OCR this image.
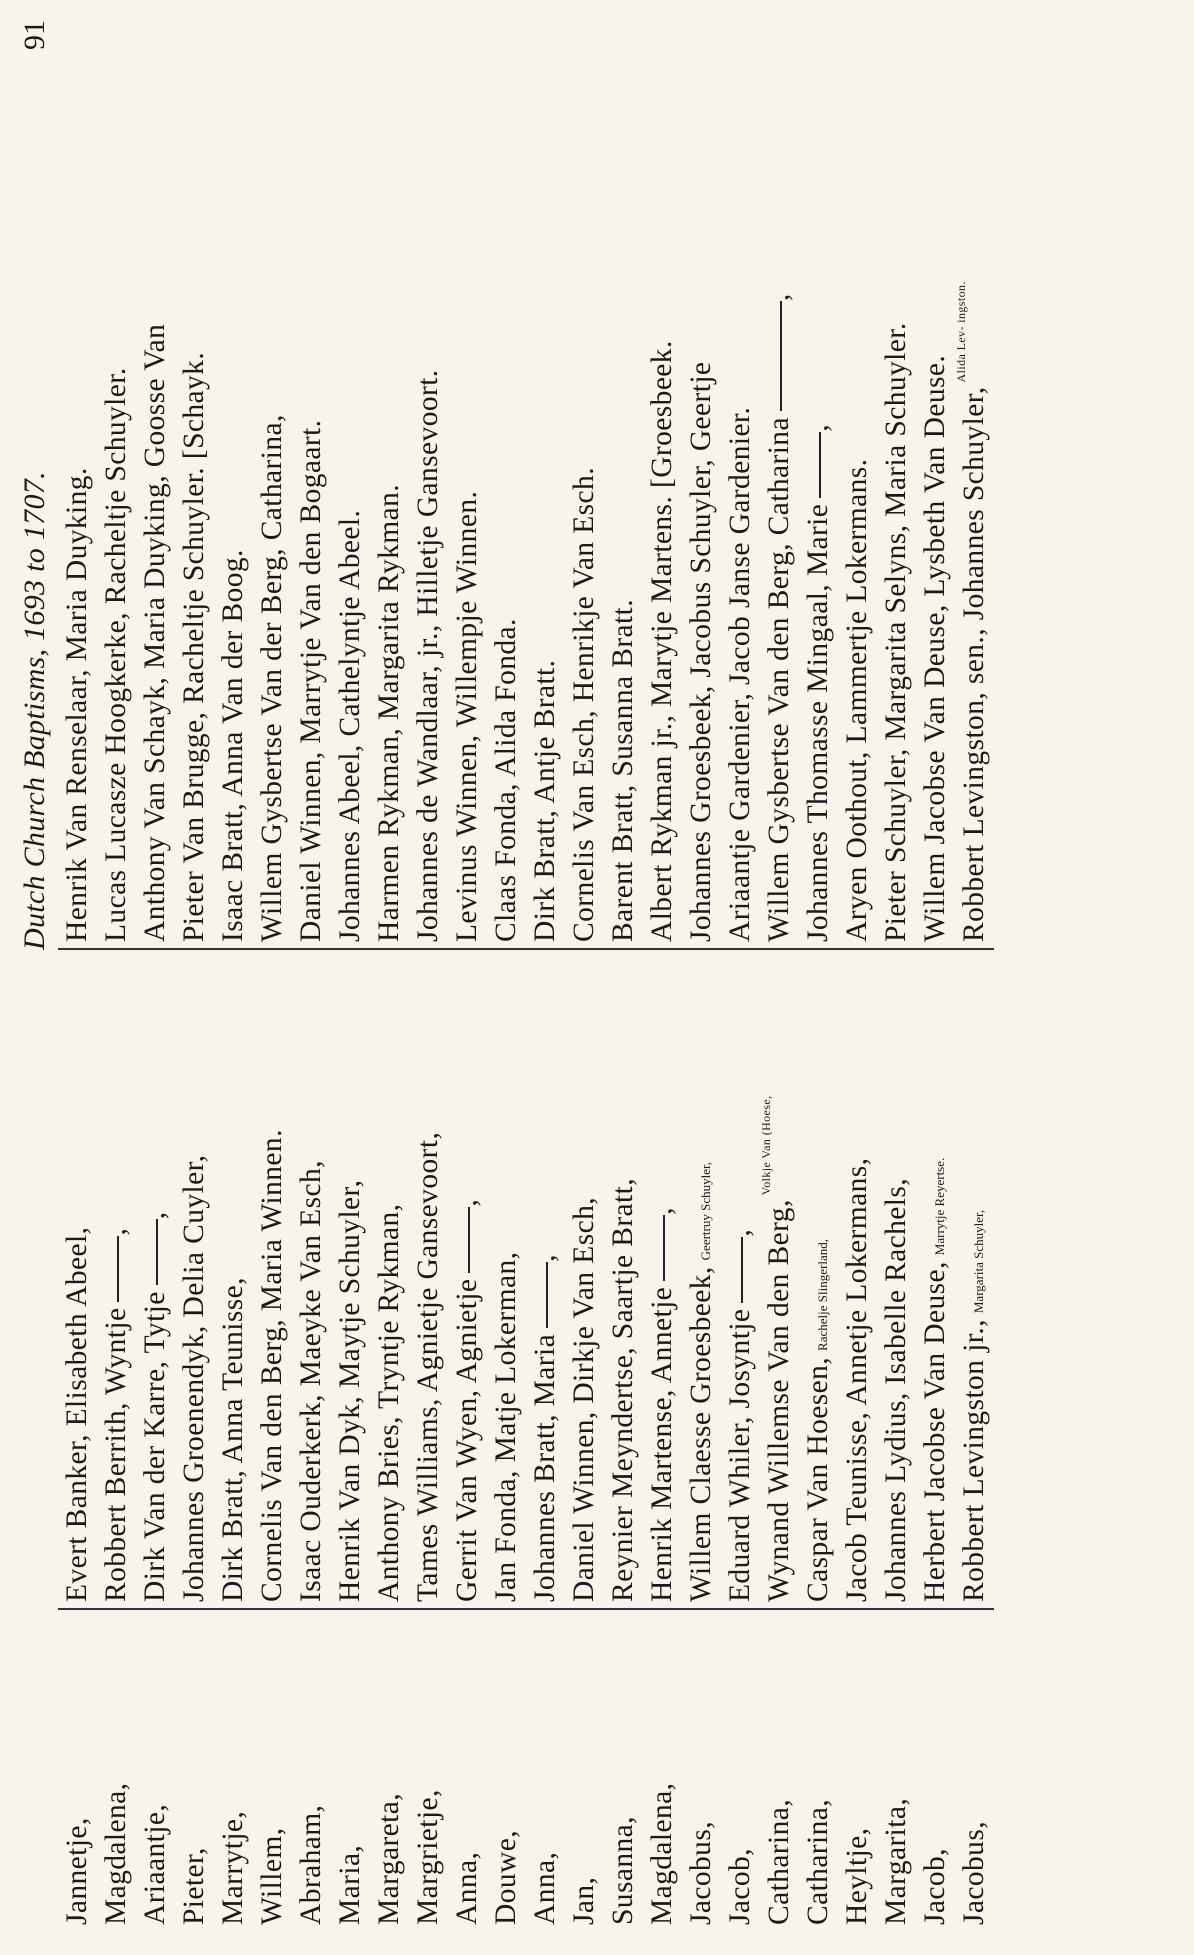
Dutch Church Baptisms, 1693 to 1707.
91
Jannetje, Magdalena, Ariaantje, Pieter, Marrytje, Willem, Abraham, Maria, Margareta, Margrietje, Anna, Douwe, Anna, Jan, Susanna, Magdalena, Jacobus, Jacob, Catharina, Catharina, Heyltje, Margarita, Jacob, Jacobus,
Evert Banker, Elisabeth Abeel, Robbert Berrith, Wyntje,
Dirk Van der Karre, Tytje, Johannes Groenendyk, Delia Cuyler, Dirk Bratt, Anna Teunisse, Cornelis Van den Berg, Maria Winnen. Isaac Ouderkerk, Maeyke Van Esch, Henrik Van Dyk, Maytje Schuyler, Anthony Bries, Tryntje Rykman, Tames Williams, Agnietje Gansevoort, Gerrit Van Wyen, Agnietje,
Jan Fonda, Matje Lokerman, Johannes Bratt, Maria, Daniel Winnen, Dirkje Van Esch, Reynier Meyndertse, Saartje Bratt, Henrik Martense, Annetje,
Willem Claesse Groesbeek,Geertruy Schuyler,
Eduard Whiler, Josyntje, Wynand Willemse Van den Berg,Volkje Van (Hoese,
Caspar Van Hoesen,Rachelje Slingerland, Jacob Teunisse, Annetje Lokermans, Johannes Lydius, Isabelle Rachels, Herbert Jacobse Van Deuse,Marrytje Reyertse.
Robbert Levingston jr.,Margarita Schuyler,
Henrik Van Renselaar, Maria Duyking. Lucas Lucasze Hoogkerke, Racheltje Schuyler. Anthony Van Schayk, Maria Duyking, Goosse Van Pieter Van Brugge, Racheltje Schuyler. [Schayk. Isaac Bratt, Anna Van der Boog. Willem Gysbertse Van der Berg, Catharina, Daniel Winnen, Marrytje Van den Bogaart. Johannes Abeel, Cathelyntje Abeel. Harmen Rykman, Margarita Rykman. Johannes de Wandlaar, jr., Hilletje Gansevoort. Levinus Winnen, Willempje Winnen. Claas Fonda, Alida Fonda. Dirk Bratt, Antje Bratt. Cornelis Van Esch, Henrikje Van Esch. Barent Bratt, Susanna Bratt. Albert Rykman jr., Marytje Martens. [Groesbeek. Johannes Groesbeek, Jacobus Schuyler, Geertje Ariaantje Gardenier, Jacob Janse Gardenier. Willem Gysbertse Van den Berg, Catharina,
Johannes Thomasse Mingaal, Marie,
Aryen Oothout, Lammertje Lokermans. Pieter Schuyler, Margarita Selyns, Maria Schuyler. Willem Jacobse Van Deuse, Lysbeth Van Deuse. Robbert Levingston, sen., Johannes Schuyler,Alida Lev- ingston.
